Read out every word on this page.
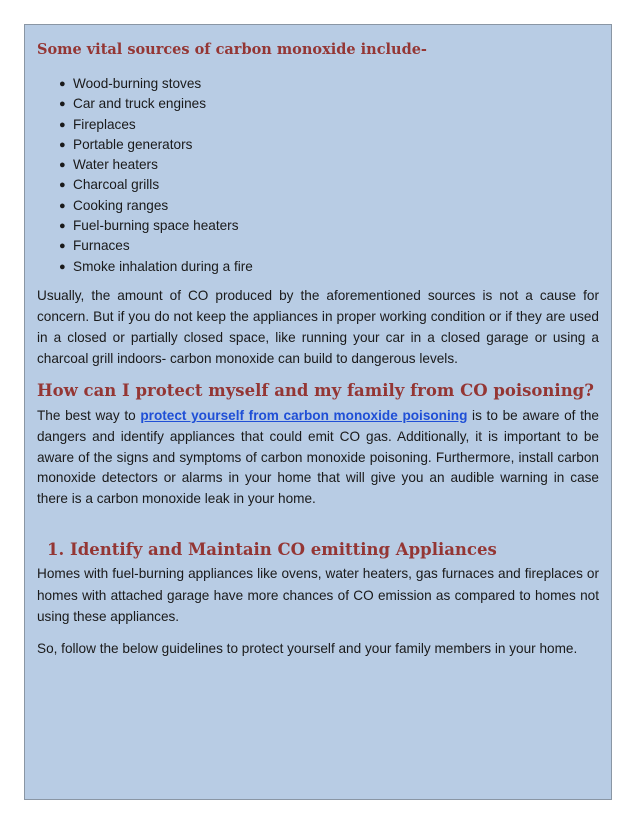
Some vital sources of carbon monoxide include-
● Wood-burning stoves
● Car and truck engines
● Fireplaces
● Portable generators
● Water heaters
● Charcoal grills
● Cooking ranges
● Fuel-burning space heaters
● Furnaces
● Smoke inhalation during a fire

Usually, the amount of CO produced by the aforementioned sources is not a cause for concern. But if you do not keep the appliances in proper working condition or if they are used in a closed or partially closed space, like running your car in a closed garage or using a charcoal grill indoors- carbon monoxide can build to dangerous levels.

How can I protect myself and my family from CO poisoning?

The best way to protect yourself from carbon monoxide poisoning is to be aware of the dangers and identify appliances that could emit CO gas. Additionally, it is important to be aware of the signs and symptoms of carbon monoxide poisoning. Furthermore, install carbon monoxide detectors or alarms in your home that will give you an audible warning in case there is a carbon monoxide leak in your home.

1. Identify and Maintain CO emitting Appliances

Homes with fuel-burning appliances like ovens, water heaters, gas furnaces and fireplaces or homes with attached garage have more chances of CO emission as compared to homes not using these appliances.

So, follow the below guidelines to protect yourself and your family members in your home.
